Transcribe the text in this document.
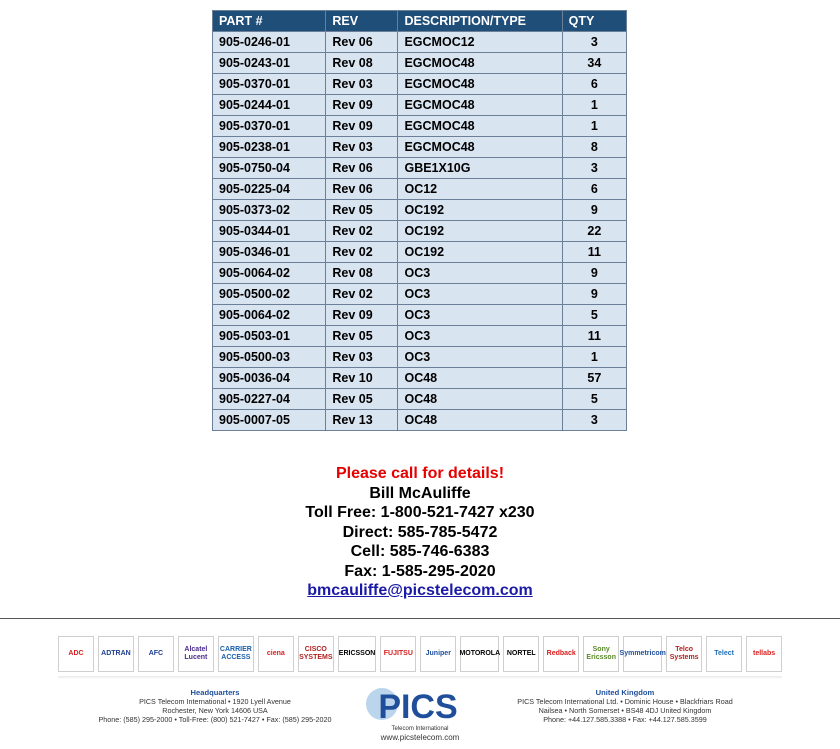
PART #	REV	DESCRIPTION/TYPE	QTY
905-0246-01	Rev 06	EGCMOC12	3
905-0243-01	Rev 08	EGCMOC48	34
905-0370-01	Rev 03	EGCMOC48	6
905-0244-01	Rev 09	EGCMOC48	1
905-0370-01	Rev 09	EGCMOC48	1
905-0238-01	Rev 03	EGCMOC48	8
905-0750-04	Rev 06	GBE1X10G	3
905-0225-04	Rev 06	OC12	6
905-0373-02	Rev 05	OC192	9
905-0344-01	Rev 02	OC192	22
905-0346-01	Rev 02	OC192	11
905-0064-02	Rev 08	OC3	9
905-0500-02	Rev 02	OC3	9
905-0064-02	Rev 09	OC3	5
905-0503-01	Rev 05	OC3	11
905-0500-03	Rev 03	OC3	1
905-0036-04	Rev 10	OC48	57
905-0227-04	Rev 05	OC48	5
905-0007-05	Rev 13	OC48	3
Please call for details!
Bill McAuliffe
Toll Free: 1-800-521-7427 x230
Direct: 585-785-5472
Cell: 585-746-6383
Fax: 1-585-295-2020
bmcauliffe@picstelecom.com
ADC	ADTRAN	AFC
Alcatel Lucent
CARRIER ACCESS
ciena
CISCO SYSTEMS
ERICSSON	FUJITSU	Juniper	MOTOROLA NORTEL	Redback
Sony Ericsson
Symmetricom
Telco Systems
Telect	tellabs
Headquarters
PICS Telecom International • 1920 Lyell Avenue
Rochester, New York 14606 USA
Phone: (585) 295-2000 • Toll-Free: (800) 521-7427 • Fax: (585) 295-2020 PICS
Telecom International
www.picstelecom.com
United Kingdom
PICS Telecom International Ltd. • Dominic House • Blackfriars Road
Nailsea • North Somerset • BS48 4DJ United Kingdom
Phone: +44.127.585.3388 • Fax: +44.127.585.3599
